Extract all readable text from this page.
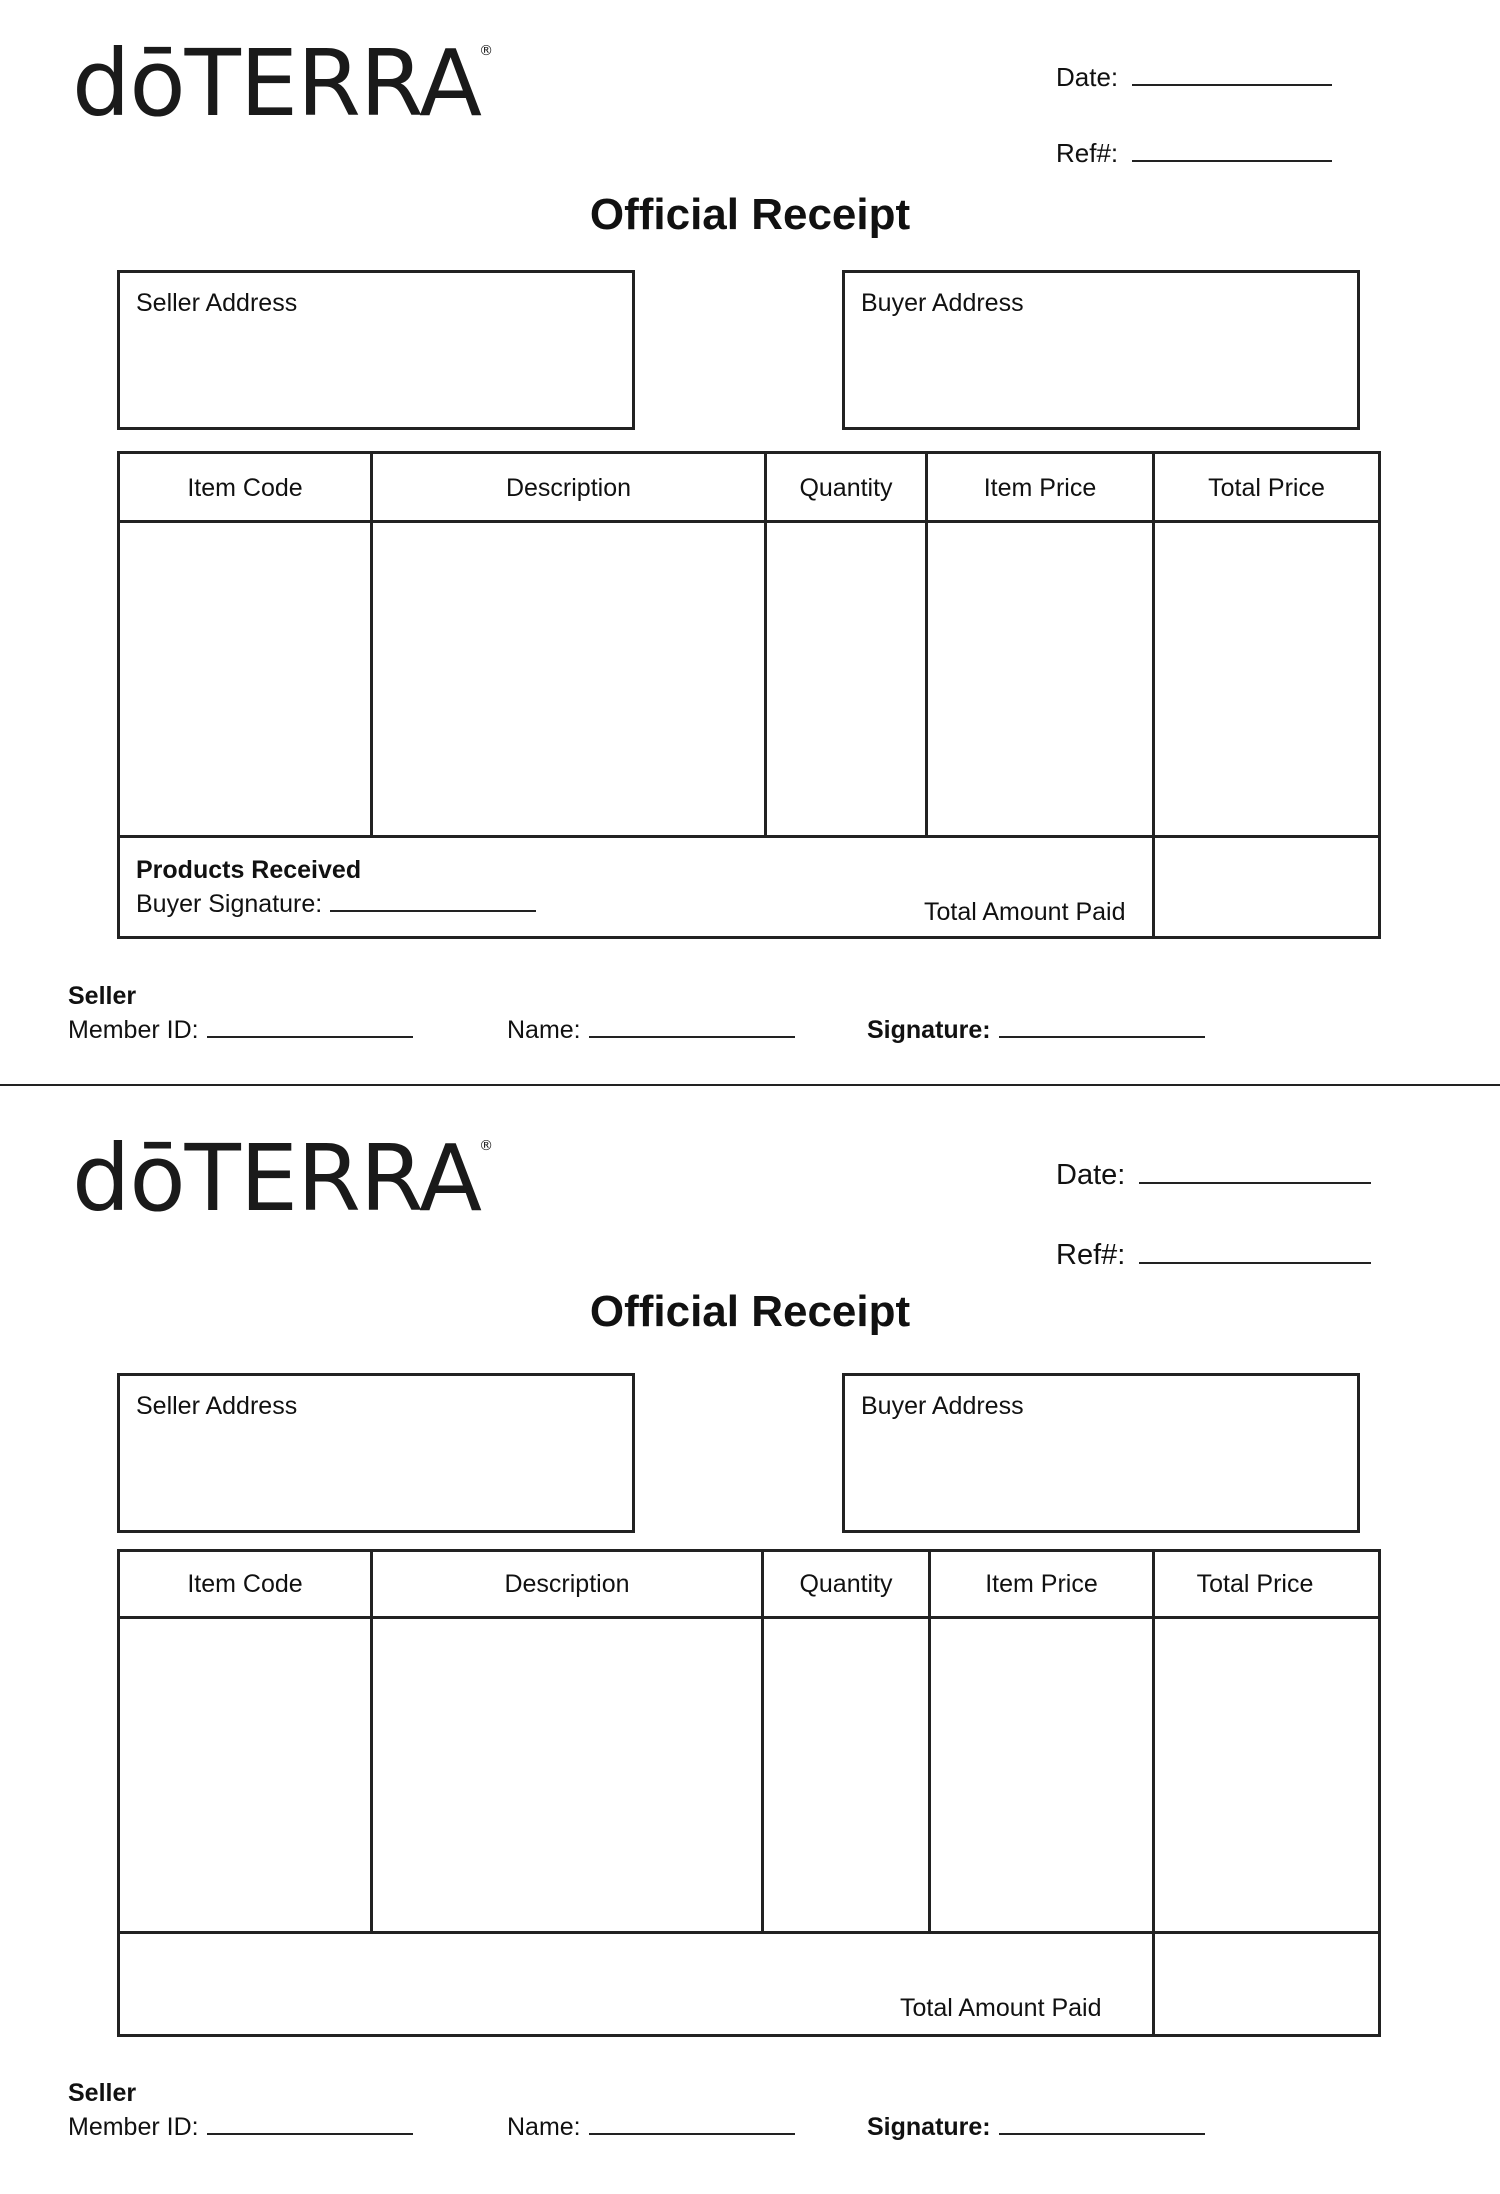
dōTERRA®
Date:
Ref#:
Official Receipt
Seller Address	Buyer Address
Item Code	Description	Quantity	Item Price	Total Price
Products Received
Buyer Signature:	Total Amount Paid
Seller
Member ID:	Name:	Signature:
dōTERRA®
Date:
Ref#:
Official Receipt
Seller Address	Buyer Address
Item Code	Description	Quantity	Item Price	Total Price
Total Amount Paid
Seller
Member ID:	Name:	Signature:
